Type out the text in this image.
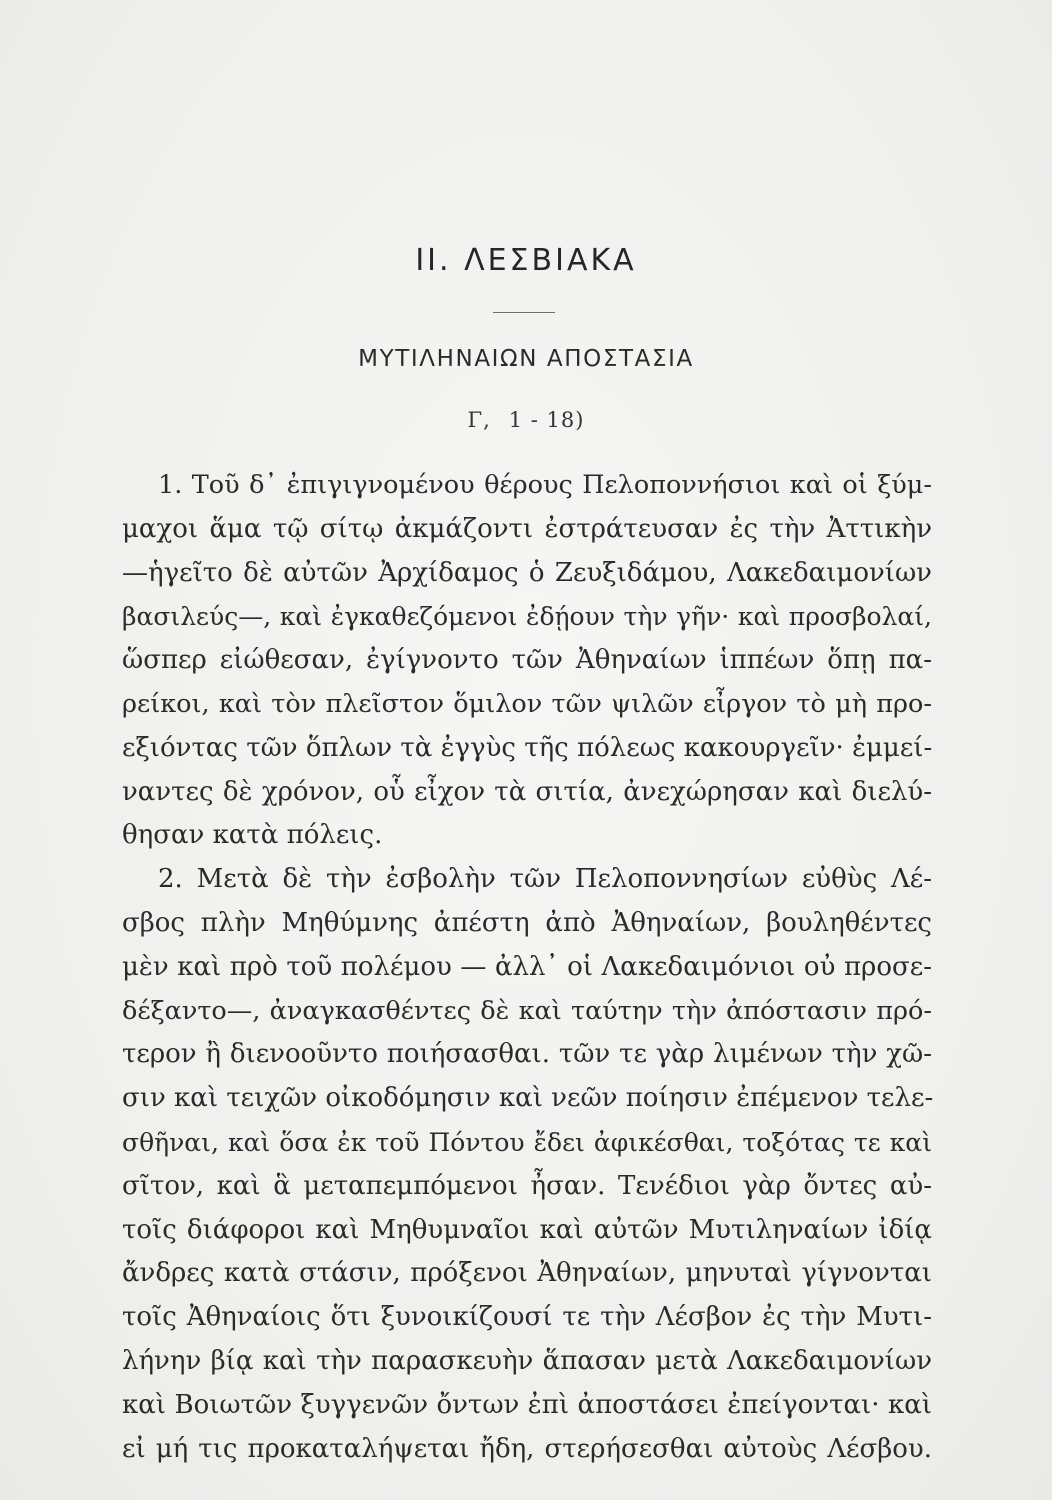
II. ΛΕΣΒΙΑΚΑ
ΜΥΤΙΛΗΝΑΙΩΝ ΑΠΟΣΤΑΣΙΑ
Γ, 1 - 18)
1. Τοῦ δ᾽ ἐπιγιγνομένου θέρους Πελοποννήσιοι καὶ οἱ ξύμ-
μαχοι ἅμα τῷ σίτῳ ἀκμάζοντι ἐστράτευσαν ἐς τὴν Ἀττικὴν
—ἡγεῖτο δὲ αὐτῶν Ἀρχίδαμος ὁ Ζευξιδάμου, Λακεδαιμονίων
βασιλεύς—, καὶ ἐγκαθεζόμενοι ἐδῄουν τὴν γῆν· καὶ προσβολαί,
ὥσπερ εἰώθεσαν, ἐγίγνοντο τῶν Ἀθηναίων ἱππέων ὅπῃ πα-
ρείκοι, καὶ τὸν πλεῖστον ὅμιλον τῶν ψιλῶν εἶργον τὸ μὴ προ-
εξιόντας τῶν ὅπλων τὰ ἐγγὺς τῆς πόλεως κακουργεῖν· ἐμμεί-
ναντες δὲ χρόνον, οὗ εἶχον τὰ σιτία, ἀνεχώρησαν καὶ διελύ-
θησαν κατὰ πόλεις.
2. Μετὰ δὲ τὴν ἐσβολὴν τῶν Πελοποννησίων εὐθὺς Λέ-
σβος πλὴν Μηθύμνης ἀπέστη ἀπὸ Ἀθηναίων, βουληθέντες
μὲν καὶ πρὸ τοῦ πολέμου — ἀλλ᾽ οἱ Λακεδαιμόνιοι οὐ προσε-
δέξαντο—, ἀναγκασθέντες δὲ καὶ ταύτην τὴν ἀπόστασιν πρό-
τερον ἢ διενοοῦντο ποιήσασθαι. τῶν τε γὰρ λιμένων τὴν χῶ-
σιν καὶ τειχῶν οἰκοδόμησιν καὶ νεῶν ποίησιν ἐπέμενον τελε-
σθῆναι, καὶ ὅσα ἐκ τοῦ Πόντου ἔδει ἀφικέσθαι, τοξότας τε καὶ
σῖτον, καὶ ἃ μεταπεμπόμενοι ἦσαν. Τενέδιοι γὰρ ὄντες αὐ-
τοῖς διάφοροι καὶ Μηθυμναῖοι καὶ αὐτῶν Μυτιληναίων ἰδίᾳ
ἄνδρες κατὰ στάσιν, πρόξενοι Ἀθηναίων, μηνυταὶ γίγνονται
τοῖς Ἀθηναίοις ὅτι ξυνοικίζουσί τε τὴν Λέσβον ἐς τὴν Μυτι-
λήνην βίᾳ καὶ τὴν παρασκευὴν ἅπασαν μετὰ Λακεδαιμονίων
καὶ Βοιωτῶν ξυγγενῶν ὄντων ἐπὶ ἀποστάσει ἐπείγονται· καὶ
εἰ μή τις προκαταλήψεται ἤδη, στερήσεσθαι αὐτοὺς Λέσβου.
